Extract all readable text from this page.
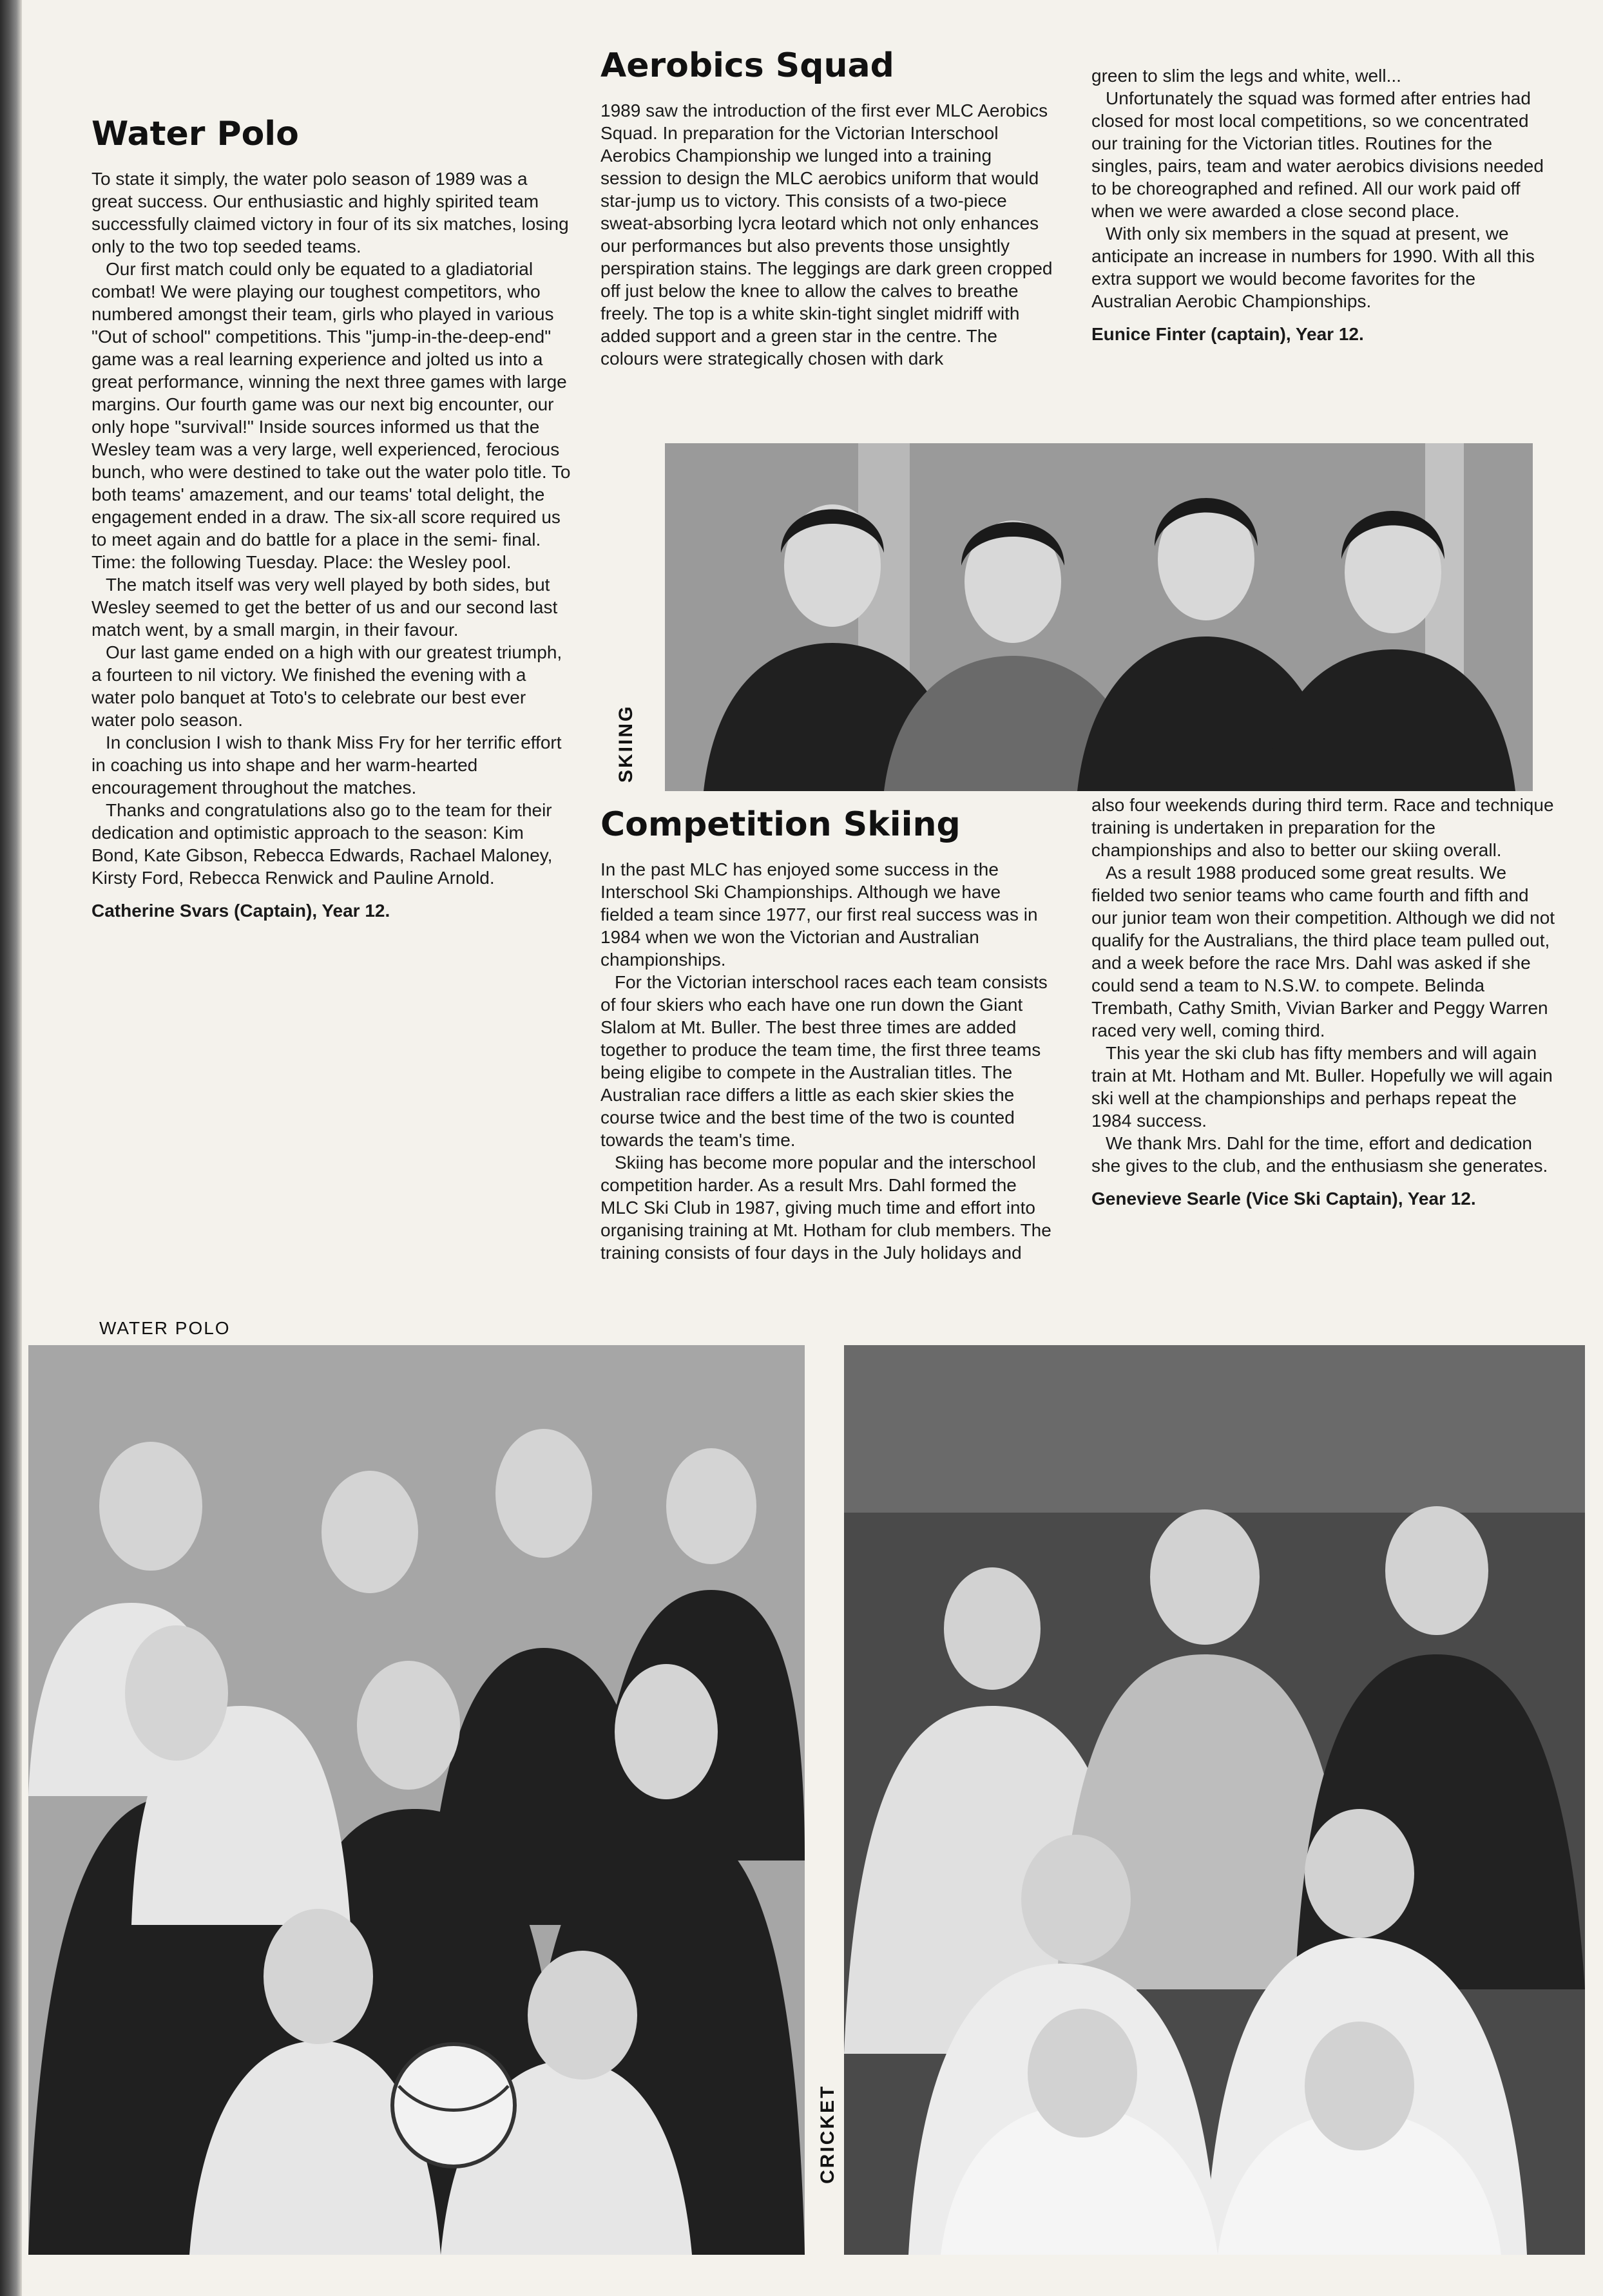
Water Polo

To state it simply, the water polo season of 1989 was a great success. Our enthusiastic and highly spirited team successfully claimed victory in four of its six matches, losing only to the two top seeded teams.

Our first match could only be equated to a gladiatorial combat! We were playing our toughest competitors, who numbered amongst their team, girls who played in various "Out of school" competitions. This "jump-in-the-deep-end" game was a real learning experience and jolted us into a great performance, winning the next three games with large margins. Our fourth game was our next big encounter, our only hope "survival!" Inside sources informed us that the Wesley team was a very large, well experienced, ferocious bunch, who were destined to take out the water polo title. To both teams' amazement, and our teams' total delight, the engagement ended in a draw. The six-all score required us to meet again and do battle for a place in the semi- final. Time: the following Tuesday. Place: the Wesley pool.

The match itself was very well played by both sides, but Wesley seemed to get the better of us and our second last match went, by a small margin, in their favour.

Our last game ended on a high with our greatest triumph, a fourteen to nil victory. We finished the evening with a water polo banquet at Toto's to celebrate our best ever water polo season.

In conclusion I wish to thank Miss Fry for her terrific effort in coaching us into shape and her warm-hearted encouragement throughout the matches.

Thanks and congratulations also go to the team for their dedication and optimistic approach to the season: Kim Bond, Kate Gibson, Rebecca Edwards, Rachael Maloney, Kirsty Ford, Rebecca Renwick and Pauline Arnold.

Catherine Svars (Captain), Year 12.
Aerobics Squad

1989 saw the introduction of the first ever MLC Aerobics Squad. In preparation for the Victorian Interschool Aerobics Championship we lunged into a training session to design the MLC aerobics uniform that would star-jump us to victory. This consists of a two-piece sweat-absorbing lycra leotard which not only enhances our performances but also prevents those unsightly perspiration stains. The leggings are dark green cropped off just below the knee to allow the calves to breathe freely. The top is a white skin-tight singlet midriff with added support and a green star in the centre. The colours were strategically chosen with dark

green to slim the legs and white, well...

Unfortunately the squad was formed after entries had closed for most local competitions, so we concentrated our training for the Victorian titles. Routines for the singles, pairs, team and water aerobics divisions needed to be choreographed and refined. All our work paid off when we were awarded a close second place.

With only six members in the squad at present, we anticipate an increase in numbers for 1990. With all this extra support we would become favorites for the Australian Aerobic Championships.

Eunice Finter (captain), Year 12.
SKIING
Competition Skiing

In the past MLC has enjoyed some success in the Interschool Ski Championships. Although we have fielded a team since 1977, our first real success was in 1984 when we won the Victorian and Australian championships.

For the Victorian interschool races each team consists of four skiers who each have one run down the Giant Slalom at Mt. Buller. The best three times are added together to produce the team time, the first three teams being eligibe to compete in the Australian titles. The Australian race differs a little as each skier skies the course twice and the best time of the two is counted towards the team's time.

Skiing has become more popular and the interschool competition harder. As a result Mrs. Dahl formed the MLC Ski Club in 1987, giving much time and effort into organising training at Mt. Hotham for club members. The training consists of four days in the July holidays and

also four weekends during third term. Race and technique training is undertaken in preparation for the championships and also to better our skiing overall.

As a result 1988 produced some great results. We fielded two senior teams who came fourth and fifth and our junior team won their competition. Although we did not qualify for the Australians, the third place team pulled out, and a week before the race Mrs. Dahl was asked if she could send a team to N.S.W. to compete. Belinda Trembath, Cathy Smith, Vivian Barker and Peggy Warren raced very well, coming third.

This year the ski club has fifty members and will again train at Mt. Hotham and Mt. Buller. Hopefully we will again ski well at the championships and perhaps repeat the 1984 success.

We thank Mrs. Dahl for the time, effort and dedication she gives to the club, and the enthusiasm she generates.

Genevieve Searle (Vice Ski Captain), Year 12.
WATER POLO
CRICKET
